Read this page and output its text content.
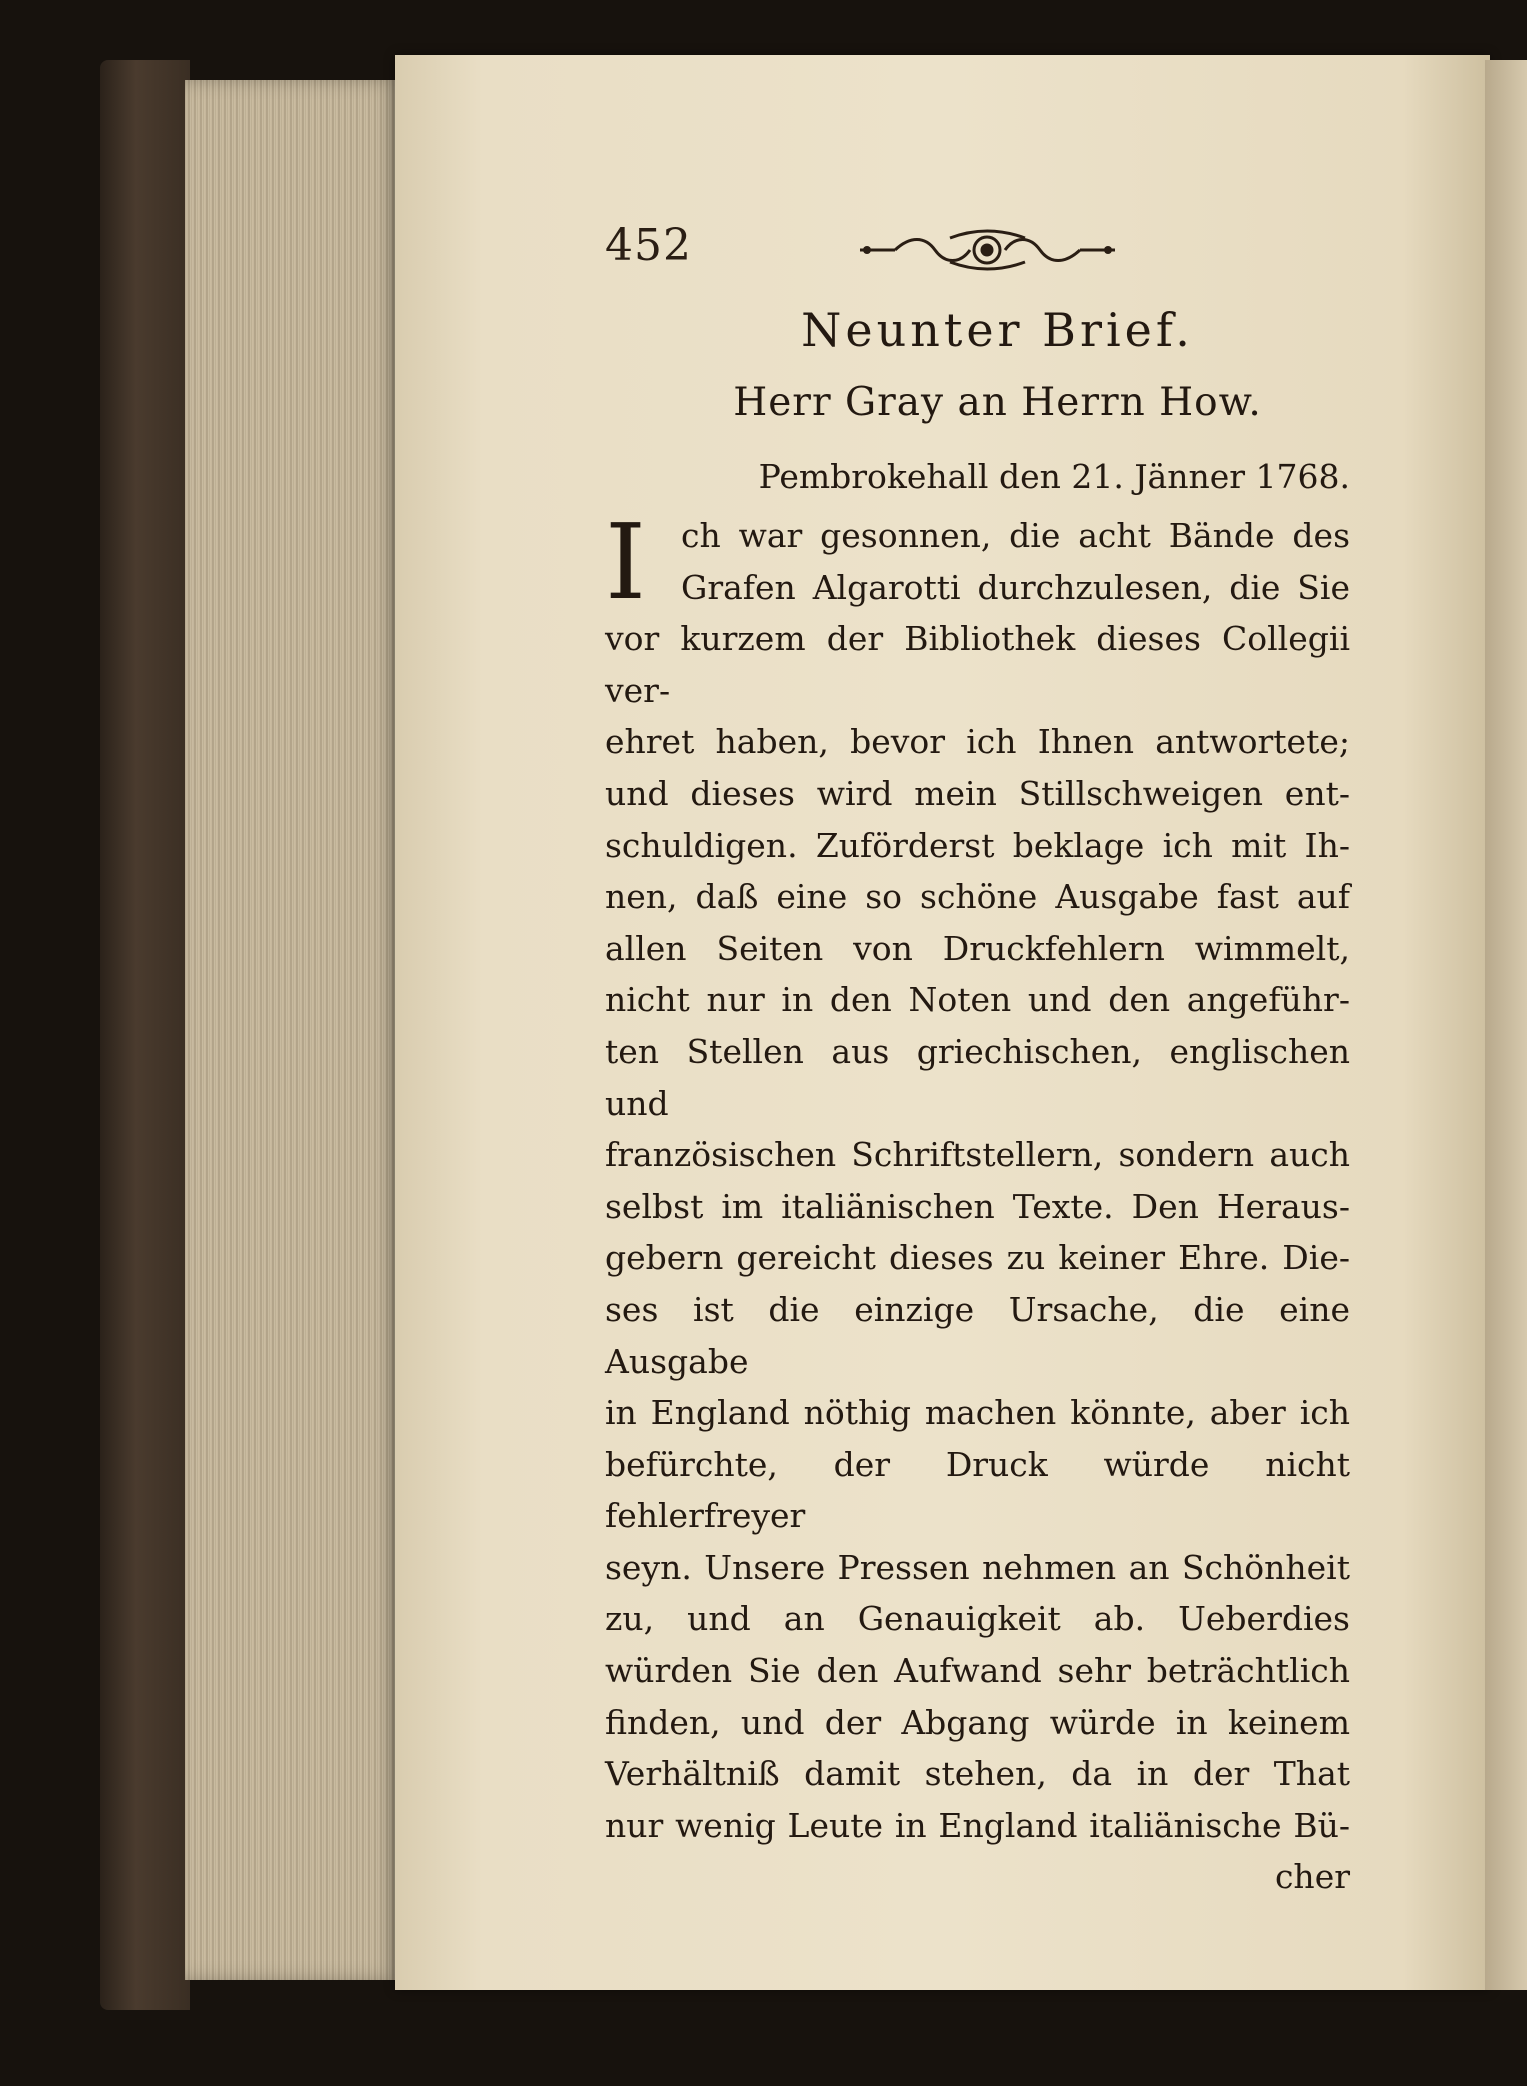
452
Neunter Brief.
Herr Gray an Herrn How.
Pembrokehall den 21. Jänner 1768.
I	ch war gesonnen, die acht Bände des
Grafen Algarotti durchzulesen, die Sie
vor kurzem der Bibliothek dieses Collegii ver-
ehret haben, bevor ich Ihnen antwortete;
und dieses wird mein Stillschweigen ent-
schuldigen. Zuförderst beklage ich mit Ih-
nen, daß eine so schöne Ausgabe fast auf
allen Seiten von Druckfehlern wimmelt,
nicht nur in den Noten und den angeführ-
ten Stellen aus griechischen, englischen und
französischen Schriftstellern, sondern auch
selbst im italiänischen Texte. Den Heraus-
gebern gereicht dieses zu keiner Ehre. Die-
ses ist die einzige Ursache, die eine Ausgabe
in England nöthig machen könnte, aber ich
befürchte, der Druck würde nicht fehlerfreyer
seyn. Unsere Pressen nehmen an Schönheit
zu, und an Genauigkeit ab. Ueberdies
würden Sie den Aufwand sehr beträchtlich
finden, und der Abgang würde in keinem
Verhältniß damit stehen, da in der That
nur wenig Leute in England italiänische Bü-
cher
